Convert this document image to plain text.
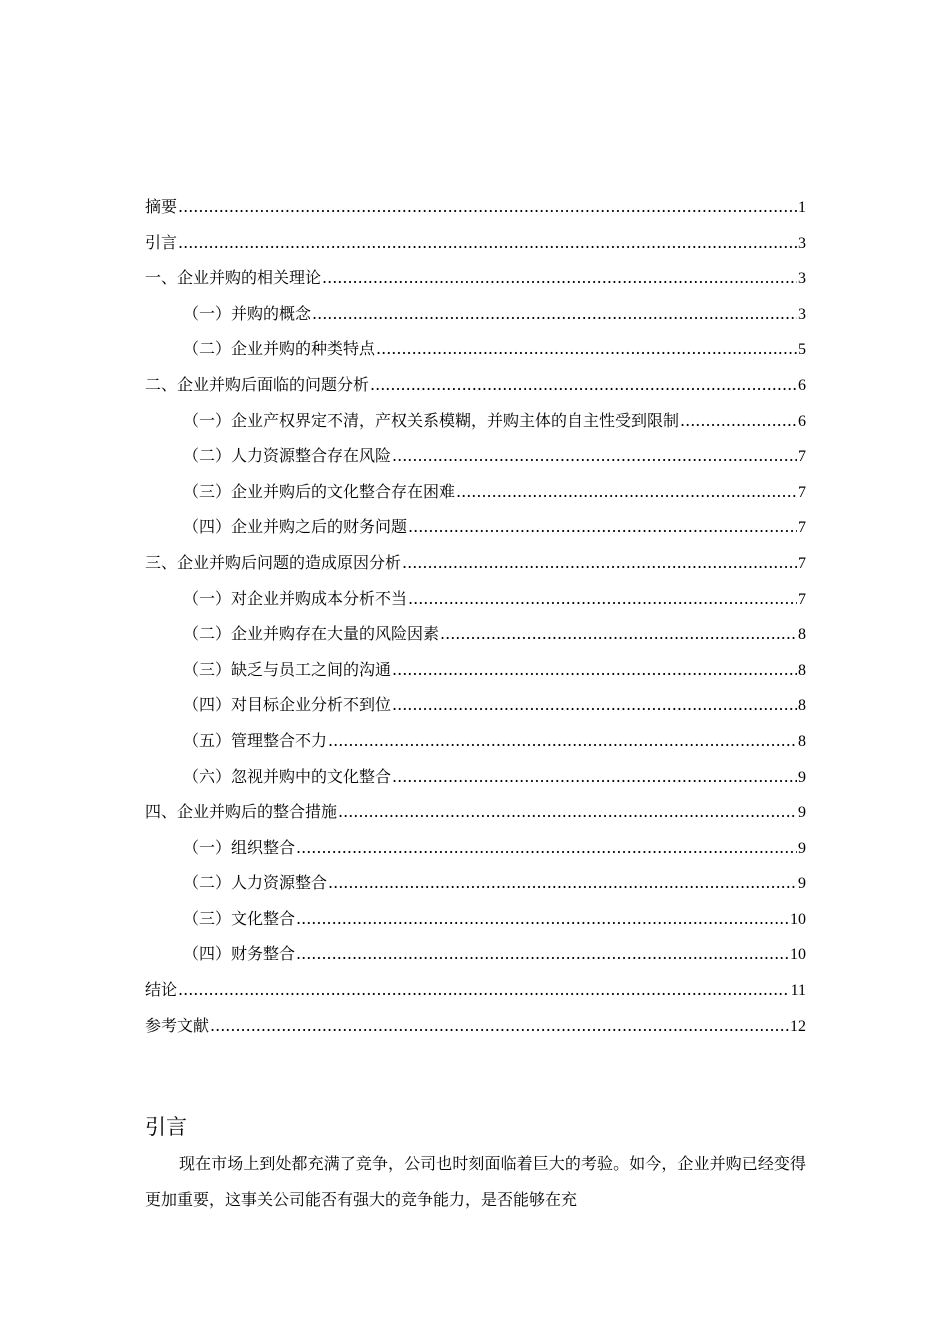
摘要 .....	1
引言 .....	3
一、企业并购的相关理论 .....	3
（一）并购的概念 .....	3
（二）企业并购的种类特点 .....	5
二、企业并购后面临的问题分析 .....	6
（一）企业产权界定不清，产权关系模糊，并购主体的自主性受到限制 .....	6
（二）人力资源整合存在风险 .....	7
（三）企业并购后的文化整合存在困难 .....	7
（四）企业并购之后的财务问题 .....	7
三、企业并购后问题的造成原因分析 .....	7
（一）对企业并购成本分析不当 .....	7
（二）企业并购存在大量的风险因素 .....	8
（三）缺乏与员工之间的沟通 .....	8
（四）对目标企业分析不到位 .....	8
（五）管理整合不力 .....	8
（六）忽视并购中的文化整合 .....	9
四、企业并购后的整合措施 .....	9
（一）组织整合 .....	9
（二）人力资源整合 .....	9
（三）文化整合 .....	10
（四）财务整合 .....	10
结论 .....	11
参考文献 .....	12
引言

现在市场上到处都充满了竞争，公司也时刻面临着巨大的考验。如今，企业并购已经变得更加重要，这事关公司能否有强大的竞争能力，是否能够在充
